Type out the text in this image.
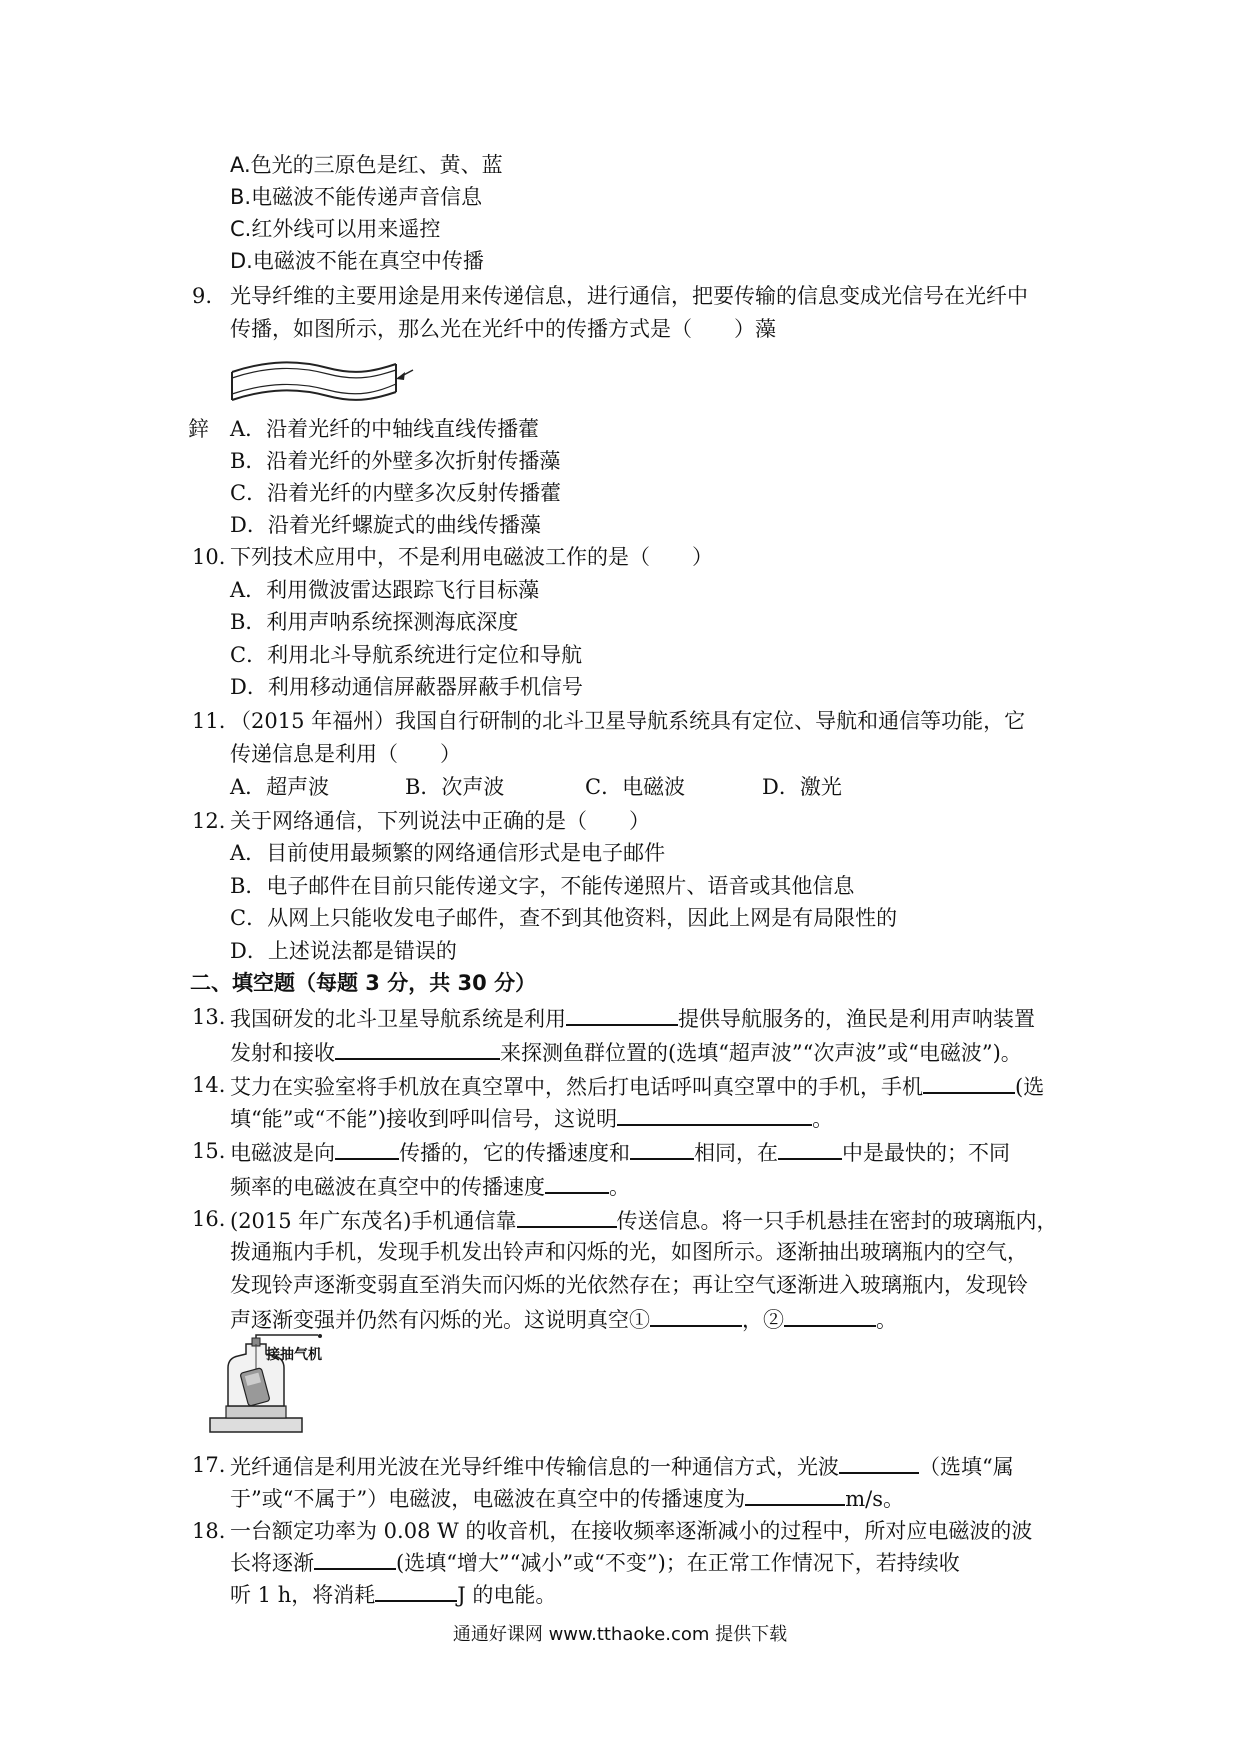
A.色光的三原色是红、黄、蓝
B.电磁波不能传递声音信息
C.红外线可以用来遥控
D.电磁波不能在真空中传播
9. 光导纤维的主要用途是用来传递信息，进行通信，把要传输的信息变成光信号在光纤中
传播，如图所示，那么光在光纤中的传播方式是（　　）藻
鋅 A．沿着光纤的中轴线直线传播藿
B．沿着光纤的外壁多次折射传播藻
C．沿着光纤的内壁多次反射传播藿
D．沿着光纤螺旋式的曲线传播藻
10. 下列技术应用中，不是利用电磁波工作的是（　　）
A．利用微波雷达跟踪飞行目标藻
B．利用声呐系统探测海底深度
C．利用北斗导航系统进行定位和导航
D．利用移动通信屏蔽器屏蔽手机信号
11. （2015 年福州）我国自行研制的北斗卫星导航系统具有定位、导航和通信等功能，它
传递信息是利用（　　）
A．超声波	B．次声波	C．电磁波	D．激光
12. 关于网络通信，下列说法中正确的是（　　）
A．目前使用最频繁的网络通信形式是电子邮件
B．电子邮件在目前只能传递文字，不能传递照片、语音或其他信息
C．从网上只能收发电子邮件，查不到其他资料，因此上网是有局限性的
D．上述说法都是错误的
二、填空题（每题 3 分，共 30 分）
13. 我国研发的北斗卫星导航系统是利用	提供导航服务的，渔民是利用声呐装置
发射和接收	来探测鱼群位置的(选填“超声波”“次声波”或“电磁波”)。
14. 艾力在实验室将手机放在真空罩中，然后打电话呼叫真空罩中的手机，手机	(选
填“能”或“不能”)接收到呼叫信号，这说明	。
15. 电磁波是向	传播的，它的传播速度和	相同，在	中是最快的；不同
频率的电磁波在真空中的传播速度	。
16. (2015 年广东茂名)手机通信靠	传送信息。将一只手机悬挂在密封的玻璃瓶内，
拨通瓶内手机，发现手机发出铃声和闪烁的光，如图所示。逐渐抽出玻璃瓶内的空气，
发现铃声逐渐变弱直至消失而闪烁的光依然存在；再让空气逐渐进入玻璃瓶内，发现铃
声逐渐变强并仍然有闪烁的光。这说明真空①	，②	。
接抽气机
17. 光纤通信是利用光波在光导纤维中传输信息的一种通信方式，光波	（选填“属
于”或“不属于”）电磁波，电磁波在真空中的传播速度为	m/s。
18. 一台额定功率为 0.08 W 的收音机，在接收频率逐渐减小的过程中，所对应电磁波的波
长将逐渐	(选填“增大”“减小”或“不变”)；在正常工作情况下，若持续收
听 1 h，将消耗	J 的电能。
通通好课网 www.tthaoke.com 提供下载
